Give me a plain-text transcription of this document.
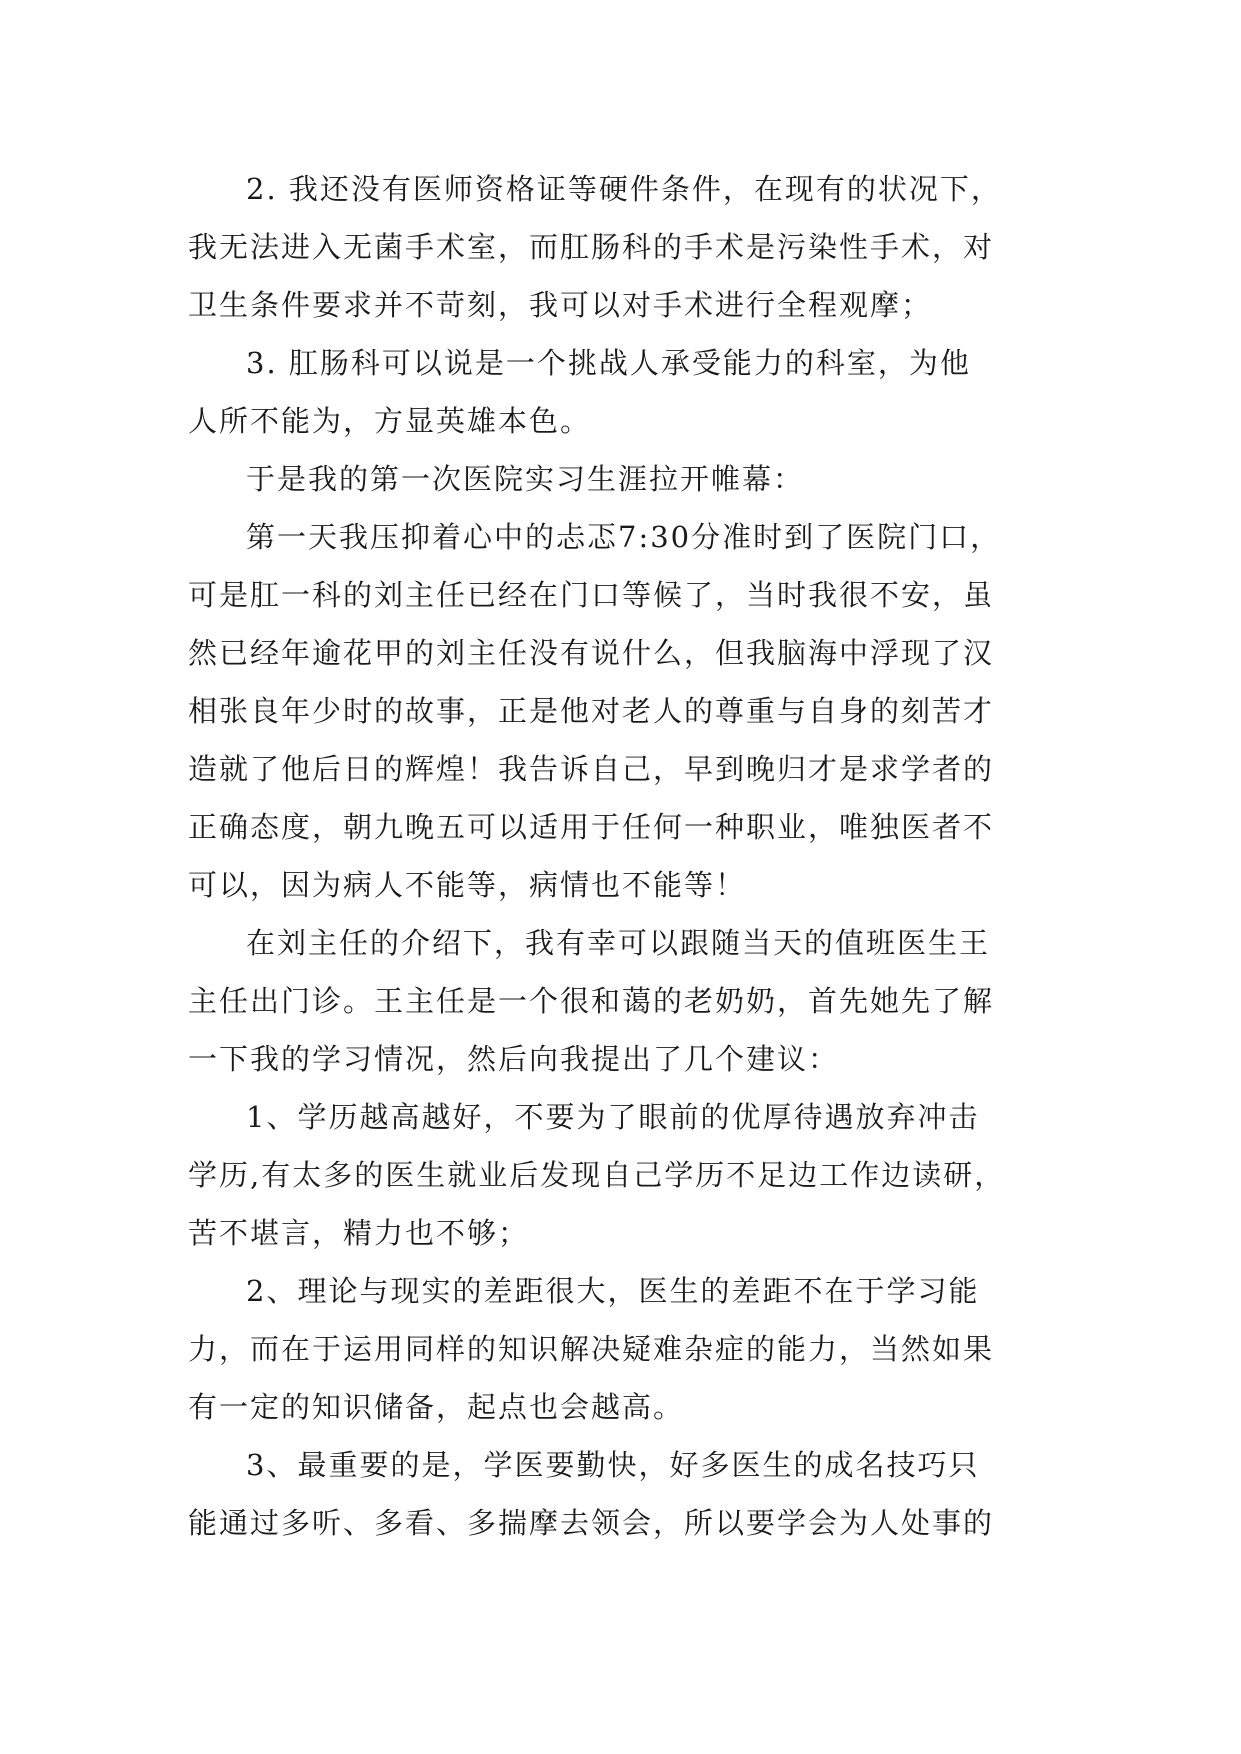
2. 我还没有医师资格证等硬件条件，在现有的状况下，
我无法进入无菌手术室，而肛肠科的手术是污染性手术，对
卫生条件要求并不苛刻，我可以对手术进行全程观摩；

3. 肛肠科可以说是一个挑战人承受能力的科室，为他
人所不能为，方显英雄本色。

于是我的第一次医院实习生涯拉开帷幕：

第一天我压抑着心中的忐忑7:30分准时到了医院门口，
可是肛一科的刘主任已经在门口等候了，当时我很不安，虽
然已经年逾花甲的刘主任没有说什么，但我脑海中浮现了汉
相张良年少时的故事，正是他对老人的尊重与自身的刻苦才
造就了他后日的辉煌！我告诉自己，早到晚归才是求学者的
正确态度，朝九晚五可以适用于任何一种职业，唯独医者不
可以，因为病人不能等，病情也不能等！

在刘主任的介绍下，我有幸可以跟随当天的值班医生王
主任出门诊。王主任是一个很和蔼的老奶奶，首先她先了解
一下我的学习情况，然后向我提出了几个建议：

1、学历越高越好，不要为了眼前的优厚待遇放弃冲击
学历,有太多的医生就业后发现自己学历不足边工作边读研，
苦不堪言，精力也不够；

2、理论与现实的差距很大，医生的差距不在于学习能
力，而在于运用同样的知识解决疑难杂症的能力，当然如果
有一定的知识储备，起点也会越高。

3、最重要的是，学医要勤快，好多医生的成名技巧只
能通过多听、多看、多揣摩去领会，所以要学会为人处事的
